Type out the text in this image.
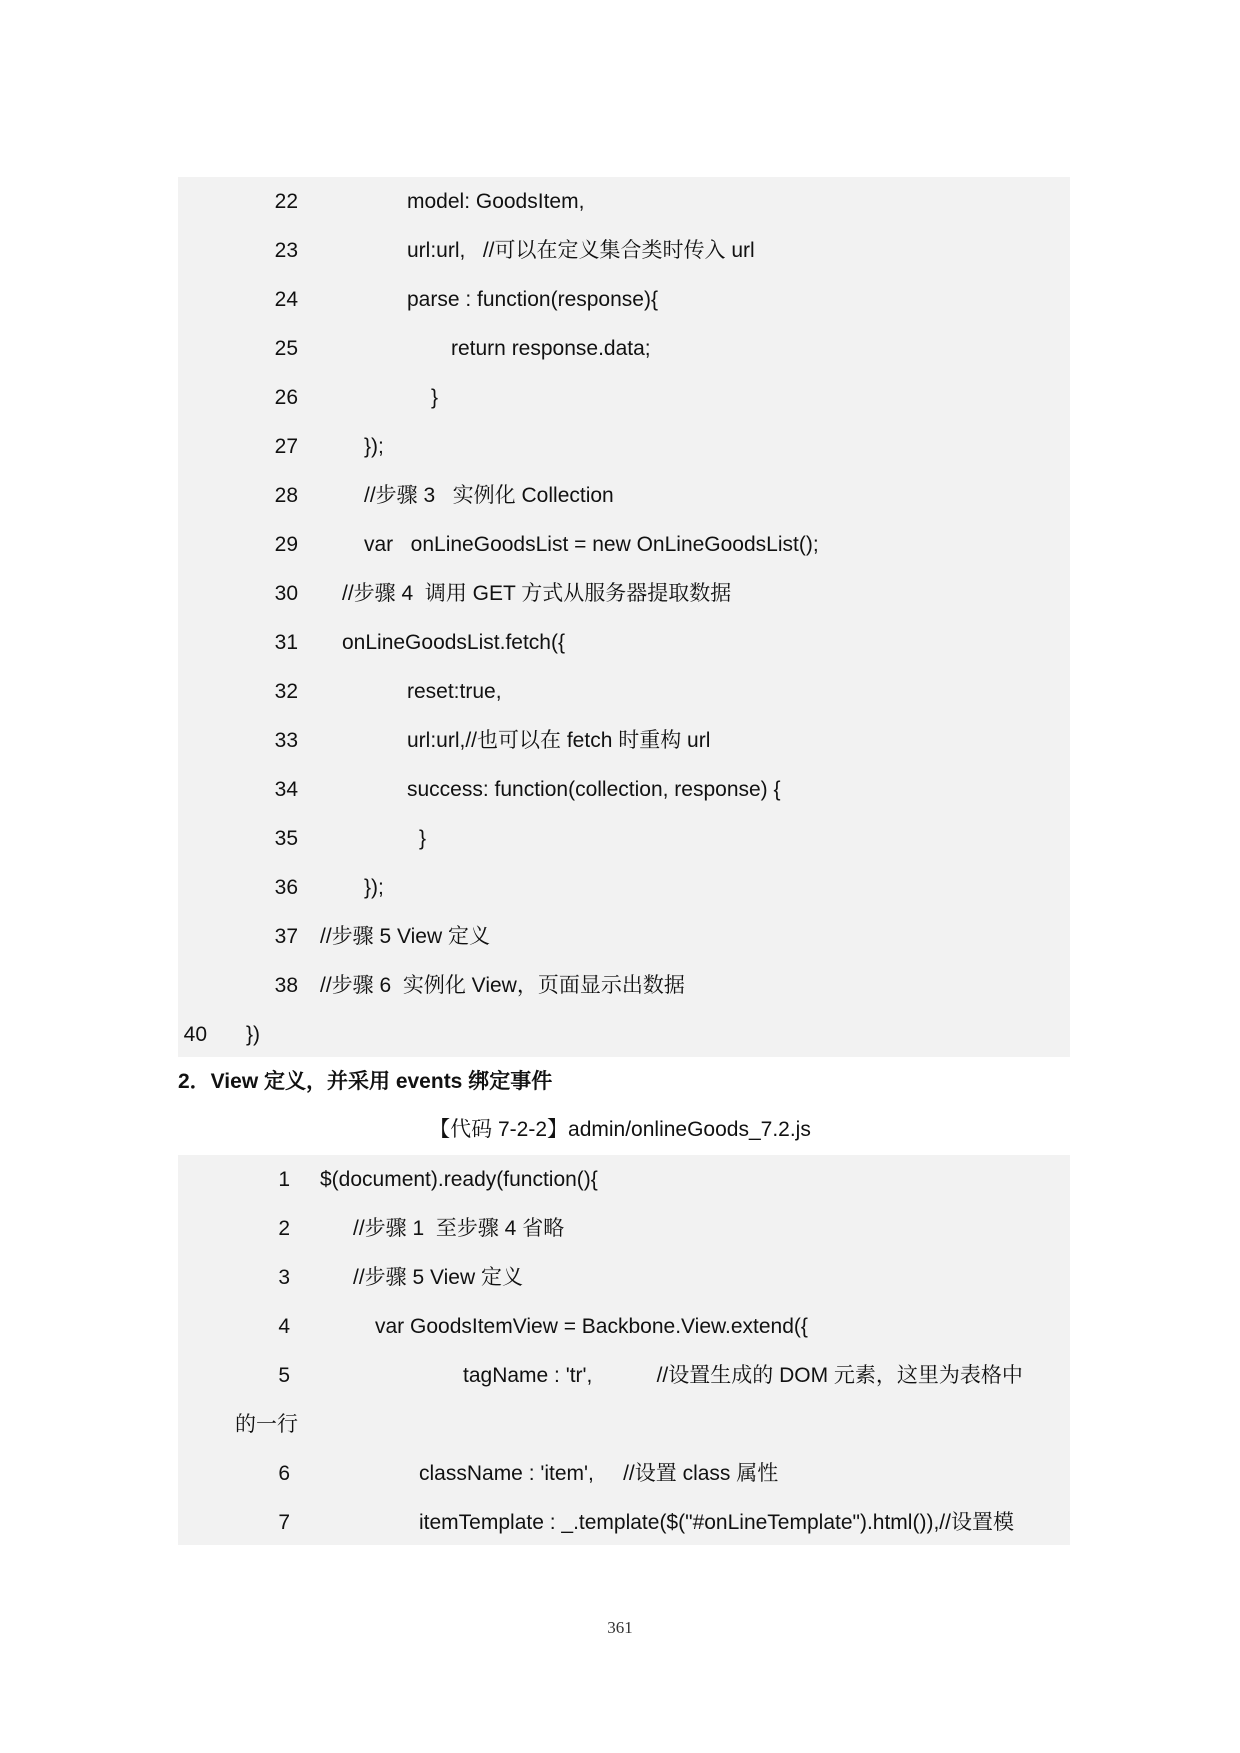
22	model: GoodsItem,
23	url:url,   //可以在定义集合类时传入 url
24	parse : function(response){
25	return response.data;
26	}
27	});
28	//步骤 3   实例化 Collection
29	var   onLineGoodsList = new OnLineGoodsList();
30 //步骤 4  调用 GET 方式从服务器提取数据
31 onLineGoodsList.fetch({
32	reset:true,
33	url:url,//也可以在 fetch 时重构 url
34	success: function(collection, response) {
35	}
36	});
37 //步骤 5 View 定义
38 //步骤 6  实例化 View，页面显示出数据
40 })
2．View 定义，并采用 events 绑定事件
【代码 7-2-2】admin/onlineGoods_7.2.js
1 $(document).ready(function(){
2	//步骤 1  至步骤 4 省略
3	//步骤 5 View 定义
4	var GoodsItemView = Backbone.View.extend({
5	tagName : 'tr',           //设置生成的 DOM 元素，这里为表格中
的一行
6	className : 'item',     //设置 class 属性
7	itemTemplate : _.template($("#onLineTemplate").html()),//设置模
361
